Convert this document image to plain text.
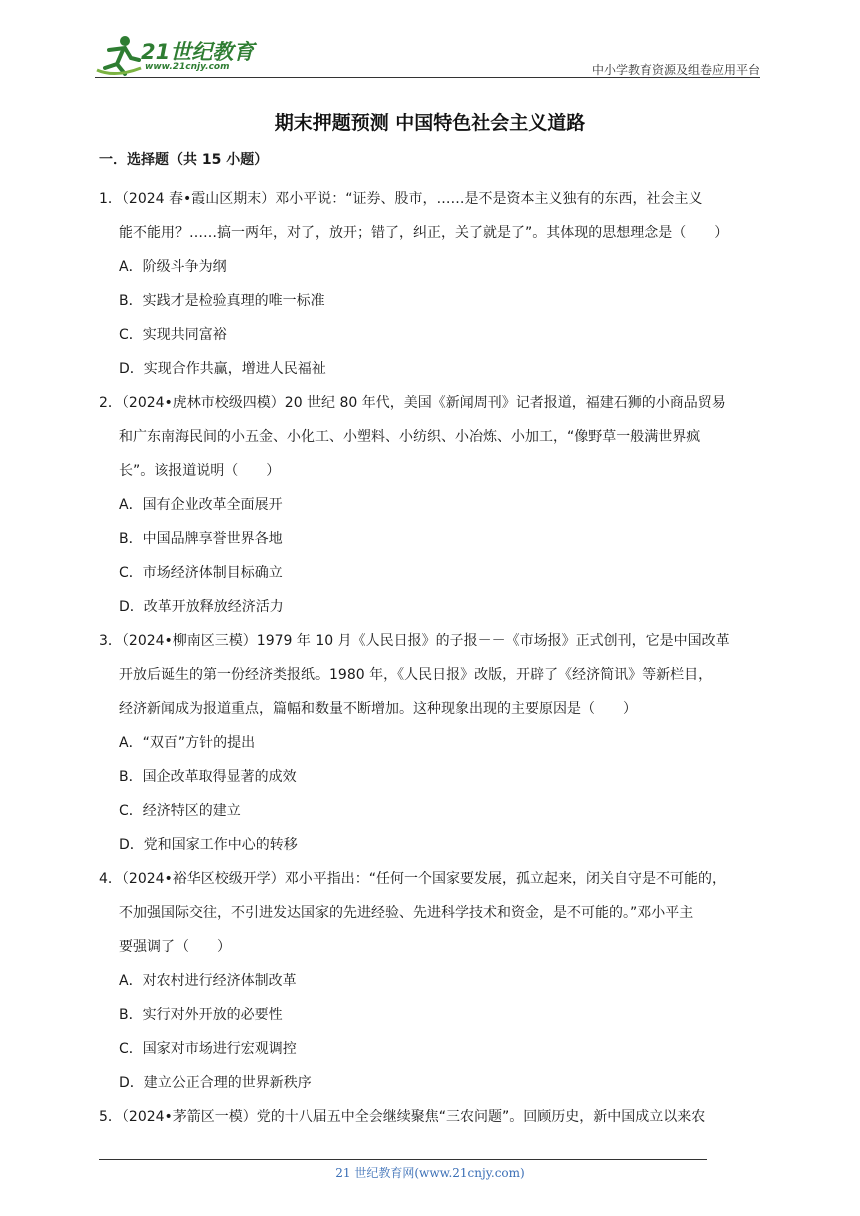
21世纪教育
www.21cnjy.com	中小学教育资源及组卷应用平台
期末押题预测 中国特色社会主义道路
一．选择题（共 15 小题）
1．（2024 春•霞山区期末）邓小平说：“证券、股市，……是不是资本主义独有的东西，社会主义
能不能用？……搞一两年，对了，放开；错了，纠正，关了就是了”。其体现的思想理念是（　　）
A．阶级斗争为纲
B．实践才是检验真理的唯一标准
C．实现共同富裕
D．实现合作共赢，增进人民福祉
2．（2024•虎林市校级四模）20 世纪 80 年代，美国《新闻周刊》记者报道，福建石狮的小商品贸易
和广东南海民间的小五金、小化工、小塑料、小纺织、小冶炼、小加工，“像野草一般满世界疯
长”。该报道说明（　　）
A．国有企业改革全面展开
B．中国品牌享誉世界各地
C．市场经济体制目标确立
D．改革开放释放经济活力
3．（2024•柳南区三模）1979 年 10 月《人民日报》的子报－－《市场报》正式创刊，它是中国改革
开放后诞生的第一份经济类报纸。1980 年，《人民日报》改版，开辟了《经济简讯》等新栏目，
经济新闻成为报道重点，篇幅和数量不断增加。这种现象出现的主要原因是（　　）
A．“双百”方针的提出
B．国企改革取得显著的成效
C．经济特区的建立
D．党和国家工作中心的转移
4．（2024•裕华区校级开学）邓小平指出：“任何一个国家要发展，孤立起来，闭关自守是不可能的，
不加强国际交往，不引进发达国家的先进经验、先进科学技术和资金，是不可能的。”邓小平主
要强调了（　　）
A．对农村进行经济体制改革
B．实行对外开放的必要性
C．国家对市场进行宏观调控
D．建立公正合理的世界新秩序
5．（2024•茅箭区一模）党的十八届五中全会继续聚焦“三农问题”。回顾历史，新中国成立以来农
21 世纪教育网(www.21cnjy.com)
